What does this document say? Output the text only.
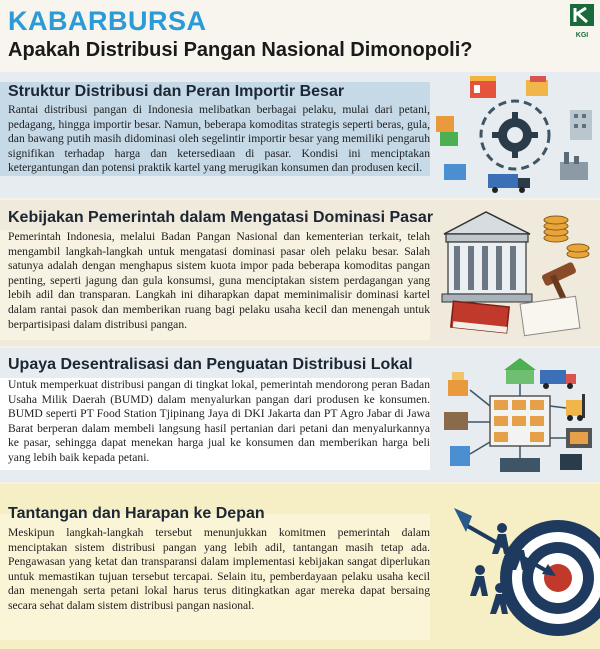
KABARBURSA
Apakah Distribusi Pangan Nasional Dimonopoli?
KGI
Struktur Distribusi dan Peran Importir Besar
Rantai distribusi pangan di Indonesia melibatkan berbagai pelaku, mulai dari petani, pedagang, hingga importir besar. Namun, beberapa komoditas strategis seperti beras, gula, dan bawang putih masih didominasi oleh segelintir importir besar yang memiliki pengaruh signifikan terhadap harga dan ketersediaan di pasar. Kondisi ini menciptakan ketergantungan dan potensi praktik kartel yang merugikan konsumen dan produsen kecil.
Kebijakan Pemerintah dalam Mengatasi Dominasi Pasar
Pemerintah Indonesia, melalui Badan Pangan Nasional dan kementerian terkait, telah mengambil langkah-langkah untuk mengatasi dominasi pasar oleh pelaku besar. Salah satunya adalah dengan menghapus sistem kuota impor pada beberapa komoditas pangan penting, seperti jagung dan gula konsumsi, guna menciptakan sistem perdagangan yang lebih adil dan transparan. Langkah ini diharapkan dapat meminimalisir dominasi kartel dalam rantai pasok dan memberikan ruang bagi pelaku usaha kecil dan menengah untuk berpartisipasi dalam distribusi pangan.
Upaya Desentralisasi dan Penguatan Distribusi Lokal
Untuk memperkuat distribusi pangan di tingkat lokal, pemerintah mendorong peran Badan Usaha Milik Daerah (BUMD) dalam menyalurkan pangan dari produsen ke konsumen. BUMD seperti PT Food Station Tjipinang Jaya di DKI Jakarta dan PT Agro Jabar di Jawa Barat berperan dalam membeli langsung hasil pertanian dari petani dan menyalurkannya ke pasar, sehingga dapat menekan harga jual ke konsumen dan memberikan harga beli yang lebih baik kepada petani.
Tantangan dan Harapan ke Depan
Meskipun langkah-langkah tersebut menunjukkan komitmen pemerintah dalam menciptakan sistem distribusi pangan yang lebih adil, tantangan masih tetap ada. Pengawasan yang ketat dan transparansi dalam implementasi kebijakan sangat diperlukan untuk memastikan tujuan tersebut tercapai. Selain itu, pemberdayaan pelaku usaha kecil dan menengah serta petani lokal harus terus ditingkatkan agar mereka dapat bersaing secara sehat dalam sistem distribusi pangan nasional.
